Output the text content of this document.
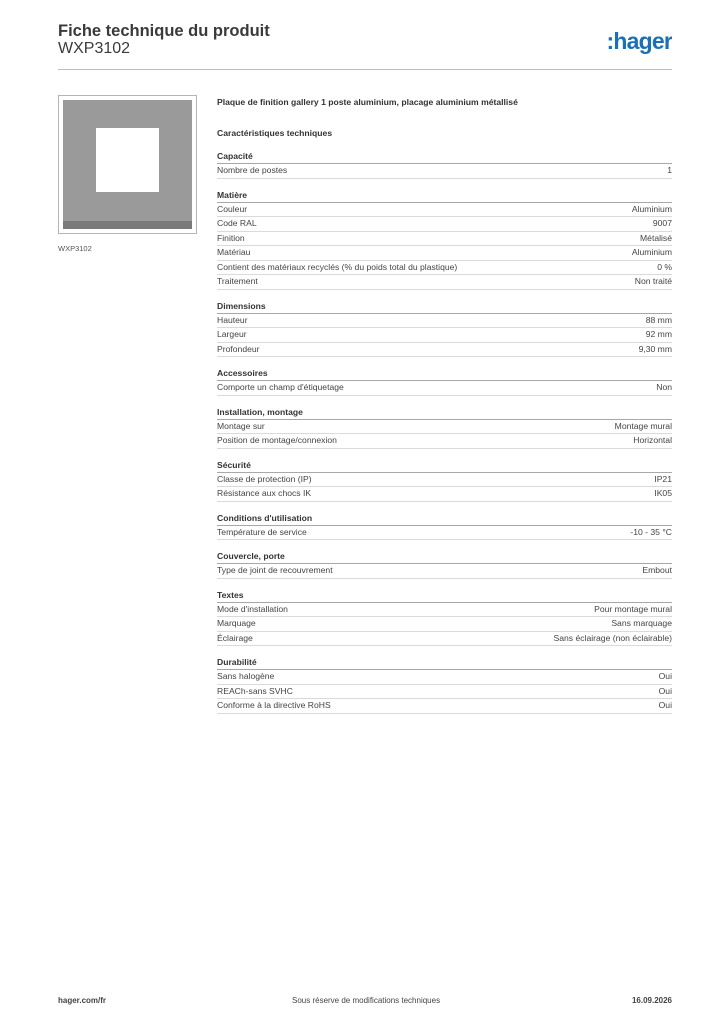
Fiche technique du produit
WXP3102	:hager
WXP3102
Plaque de finition gallery 1 poste aluminium, placage aluminium métallisé
Caractéristiques techniques
Capacité
Nombre de postes	1
Matière
Couleur	Aluminium
Code RAL	9007
Finition	Métalisé
Matériau	Aluminium
Contient des matériaux recyclés (% du poids total du plastique)	0 %
Traitement	Non traité
Dimensions
Hauteur	88 mm
Largeur	92 mm
Profondeur	9,30 mm
Accessoires
Comporte un champ d'étiquetage	Non
Installation, montage
Montage sur	Montage mural
Position de montage/connexion	Horizontal
Sécurité
Classe de protection (IP)	IP21
Résistance aux chocs IK	IK05
Conditions d'utilisation
Température de service	-10 - 35 °C
Couvercle, porte
Type de joint de recouvrement	Embout
Textes
Mode d'installation	Pour montage mural
Marquage	Sans marquage
Éclairage	Sans éclairage (non éclairable)
Durabilité
Sans halogène	Oui
REACh-sans SVHC	Oui
Conforme à la directive RoHS	Oui
hager.com/fr	Sous réserve de modifications techniques	16.09.2026
